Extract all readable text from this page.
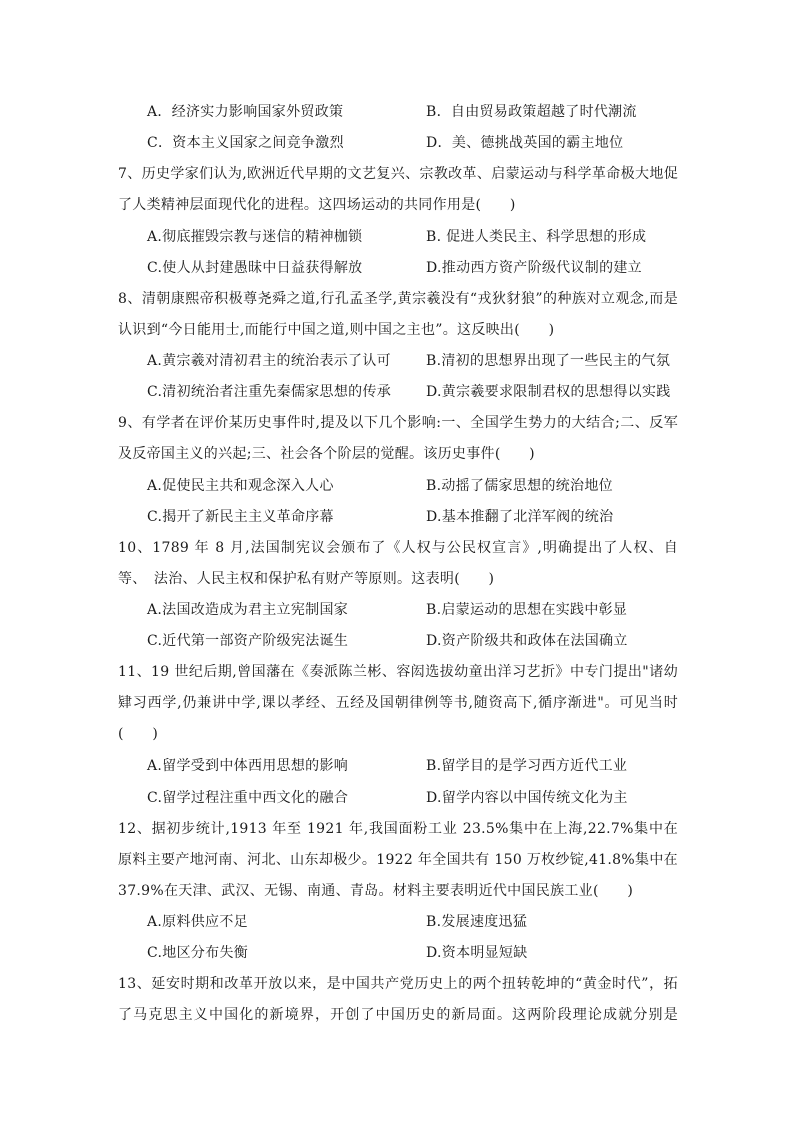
A．经济实力影响国家外贸政策	B．自由贸易政策超越了时代潮流
C．资本主义国家之间竞争激烈	D．美、德挑战英国的霸主地位
7、历史学家们认为,欧洲近代早期的文艺复兴、宗教改革、启蒙运动与科学革命极大地促
了人类精神层面现代化的进程。这四场运动的共同作用是(　　)
A.彻底摧毁宗教与迷信的精神枷锁	B. 促进人类民主、科学思想的形成
C.使人从封建愚昧中日益获得解放	D.推动西方资产阶级代议制的建立
8、清朝康熙帝积极尊尧舜之道,行孔孟圣学,黄宗羲没有“戎狄豺狼”的种族对立观念,而是
认识到“今日能用士,而能行中国之道,则中国之主也”。这反映出(　　)
A.黄宗羲对清初君主的统治表示了认可	B.清初的思想界出现了一些民主的气氛
C.清初统治者注重先秦儒家思想的传承 D.黄宗羲要求限制君权的思想得以实践
9、有学者在评价某历史事件时,提及以下几个影响:一、全国学生势力的大结合;二、反军
及反帝国主义的兴起;三、社会各个阶层的觉醒。该历史事件(　　)
A.促使民主共和观念深入人心	B.动摇了儒家思想的统治地位
C.揭开了新民主主义革命序幕	D.基本推翻了北洋军阀的统治
10、1789 年 8 月,法国制宪议会颁布了《人权与公民权宣言》,明确提出了人权、自
等、　法治、人民主权和保护私有财产等原则。这表明(　　)
A.法国改造成为君主立宪制国家	B.启蒙运动的思想在实践中彰显
C.近代第一部资产阶级宪法诞生	D.资产阶级共和政体在法国确立
11、19 世纪后期,曾国藩在《奏派陈兰彬、容闳选拔幼童出洋习艺折》中专门提出"诸幼
肄习西学,仍兼讲中学,课以孝经、五经及国朝律例等书,随资高下,循序渐进"。可见当时
(　　)
A.留学受到中体西用思想的影响	B.留学目的是学习西方近代工业
C.留学过程注重中西文化的融合	D.留学内容以中国传统文化为主
12、据初步统计,1913 年至 1921 年,我国面粉工业 23.5%集中在上海,22.7%集中在
原料主要产地河南、河北、山东却极少。1922 年全国共有 150 万枚纱锭,41.8%集中在
37.9%在天津、武汉、无锡、南通、青岛。材料主要表明近代中国民族工业(　　)
A.原料供应不足	B.发展速度迅猛
C.地区分布失衡	D.资本明显短缺
13、延安时期和改革开放以来，是中国共产党历史上的两个扭转乾坤的“黄金时代”，拓
了马克思主义中国化的新境界，开创了中国历史的新局面。这两阶段理论成就分别是　
